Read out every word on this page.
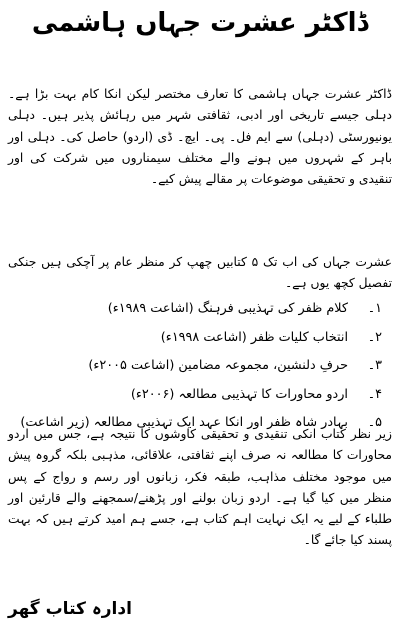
ڈاکٹر عشرت جہاں ہاشمی
ڈاکٹر عشرت جہاں ہاشمی کا تعارف مختصر لیکن انکا کام بہت بڑا ہے۔ دہلی جیسے تاریخی اور ادبی، ثقافتی شہر میں رہائش پذیر ہیں۔ دہلی یونیورسٹی (دہلی) سے ایم فل۔ پی۔ ایچ۔ ڈی (اردو) حاصل کی۔ دہلی اور باہر کے شہروں میں ہونے والے مختلف سیمناروں میں شرکت کی اور تنقیدی و تحقیقی موضوعات پر مقالے پیش کیے۔
عشرت جہاں کی اب تک ۵ کتابیں چھپ کر منظر عام پر آچکی ہیں جنکی تفصیل کچھ یوں ہے۔
۱۔
کلام ظفر کی تہذیبی فرہنگ (اشاعت ۱۹۸۹ء)
۲۔
انتخاب کلیات ظفر (اشاعت ۱۹۹۸ء)
۳۔
حرفِ دلنشین، مجموعہ مضامین (اشاعت ۲۰۰۵ء)
۴۔
اردو محاورات کا تہذیبی مطالعہ (۲۰۰۶ء)
۵۔
بہادر شاہ ظفر اور انکا عہد ایک تہذیبی مطالعہ (زیر اشاعت)
زیر نظر کتاب انکی تنقیدی و تحقیقی کاوشوں کا نتیجہ ہے، جس میں اردو محاورات کا مطالعہ نہ صرف اپنے ثقافتی، علاقائی، مذہبی بلکہ گروہ پیش میں موجود مختلف مذاہب، طبقہ فکر، زبانوں اور رسم و رواج کے پس منظر میں کیا گیا ہے۔ اردو زبان بولنے اور پڑھنے/سمجھنے والے قارئین اور طلباء کے لیے یہ ایک نہایت اہم کتاب ہے، جسے ہم امید کرتے ہیں کہ بہت پسند کیا جائے گا۔
ادارہ کتاب گھر
